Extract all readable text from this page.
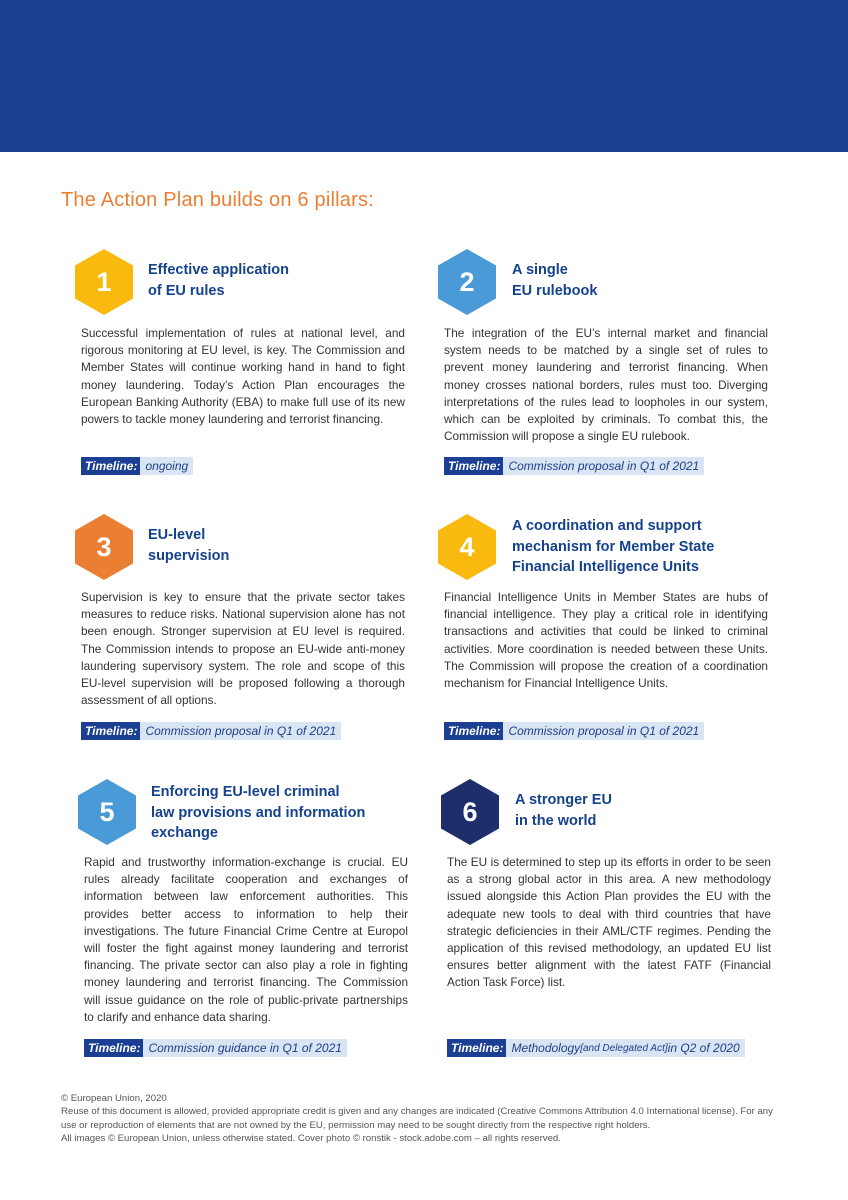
The Action Plan builds on 6 pillars:
1	Effective application
of EU rules

Successful implementation of rules at national level, and rigorous monitoring at EU level, is key. The Commission and Member States will continue working hand in hand to fight money laundering. Today’s Action Plan encourages the European Banking Authority (EBA) to make full use of its new powers to tackle money laundering and terrorist financing.

Timeline: ongoing
2	A single
EU rulebook

The integration of the EU’s internal market and financial system needs to be matched by a single set of rules to prevent money laundering and terrorist financing. When money crosses national borders, rules must too. Diverging interpretations of the rules lead to loopholes in our system, which can be exploited by criminals. To combat this, the Commission will propose a single EU rulebook.

Timeline: Commission proposal in Q1 of 2021
3	EU-level
supervision

Supervision is key to ensure that the private sector takes measures to reduce risks. National supervision alone has not been enough. Stronger supervision at EU level is required. The Commission intends to propose an EU-wide anti-money laundering supervisory system. The role and scope of this EU-level supervision will be proposed following a thorough assessment of all options.

Timeline: Commission proposal in Q1 of 2021
4
A coordination and support
mechanism for Member State
Financial Intelligence Units

Financial Intelligence Units in Member States are hubs of financial intelligence. They play a critical role in identifying transactions and activities that could be linked to criminal activities. More coordination is needed between these Units. The Commission will propose the creation of a coordination mechanism for Financial Intelligence Units.

Timeline: Commission proposal in Q1 of 2021
5
Enforcing EU-level criminal
law provisions and information
exchange

Rapid and trustworthy information-exchange is crucial. EU rules already facilitate cooperation and exchanges of information between law enforcement authorities. This provides better access to information to help their investigations. The future Financial Crime Centre at Europol will foster the fight against money laundering and terrorist financing. The private sector can also play a role in fighting money laundering and terrorist financing. The Commission will issue guidance on the role of public-private partnerships to clarify and enhance data sharing.

Timeline: Commission guidance in Q1 of 2021
6	A stronger EU
in the world

The EU is determined to step up its efforts in order to be seen as a strong global actor in this area. A new methodology issued alongside this Action Plan provides the EU with the adequate new tools to deal with third countries that have strategic deficiencies in their AML/CTF regimes. Pending the application of this revised methodology, an updated EU list ensures better alignment with the latest FATF (Financial Action Task Force) list.

Timeline: Methodology [and Delegated Act] in Q2 of 2020

© European Union, 2020

Reuse of this document is allowed, provided appropriate credit is given and any changes are indicated (Creative Commons Attribution 4.0 International license). For any use or reproduction of elements that are not owned by the EU, permission may need to be sought directly from the respective right holders.

All images © European Union, unless otherwise stated. Cover photo © ronstik - stock.adobe.com – all rights reserved.
